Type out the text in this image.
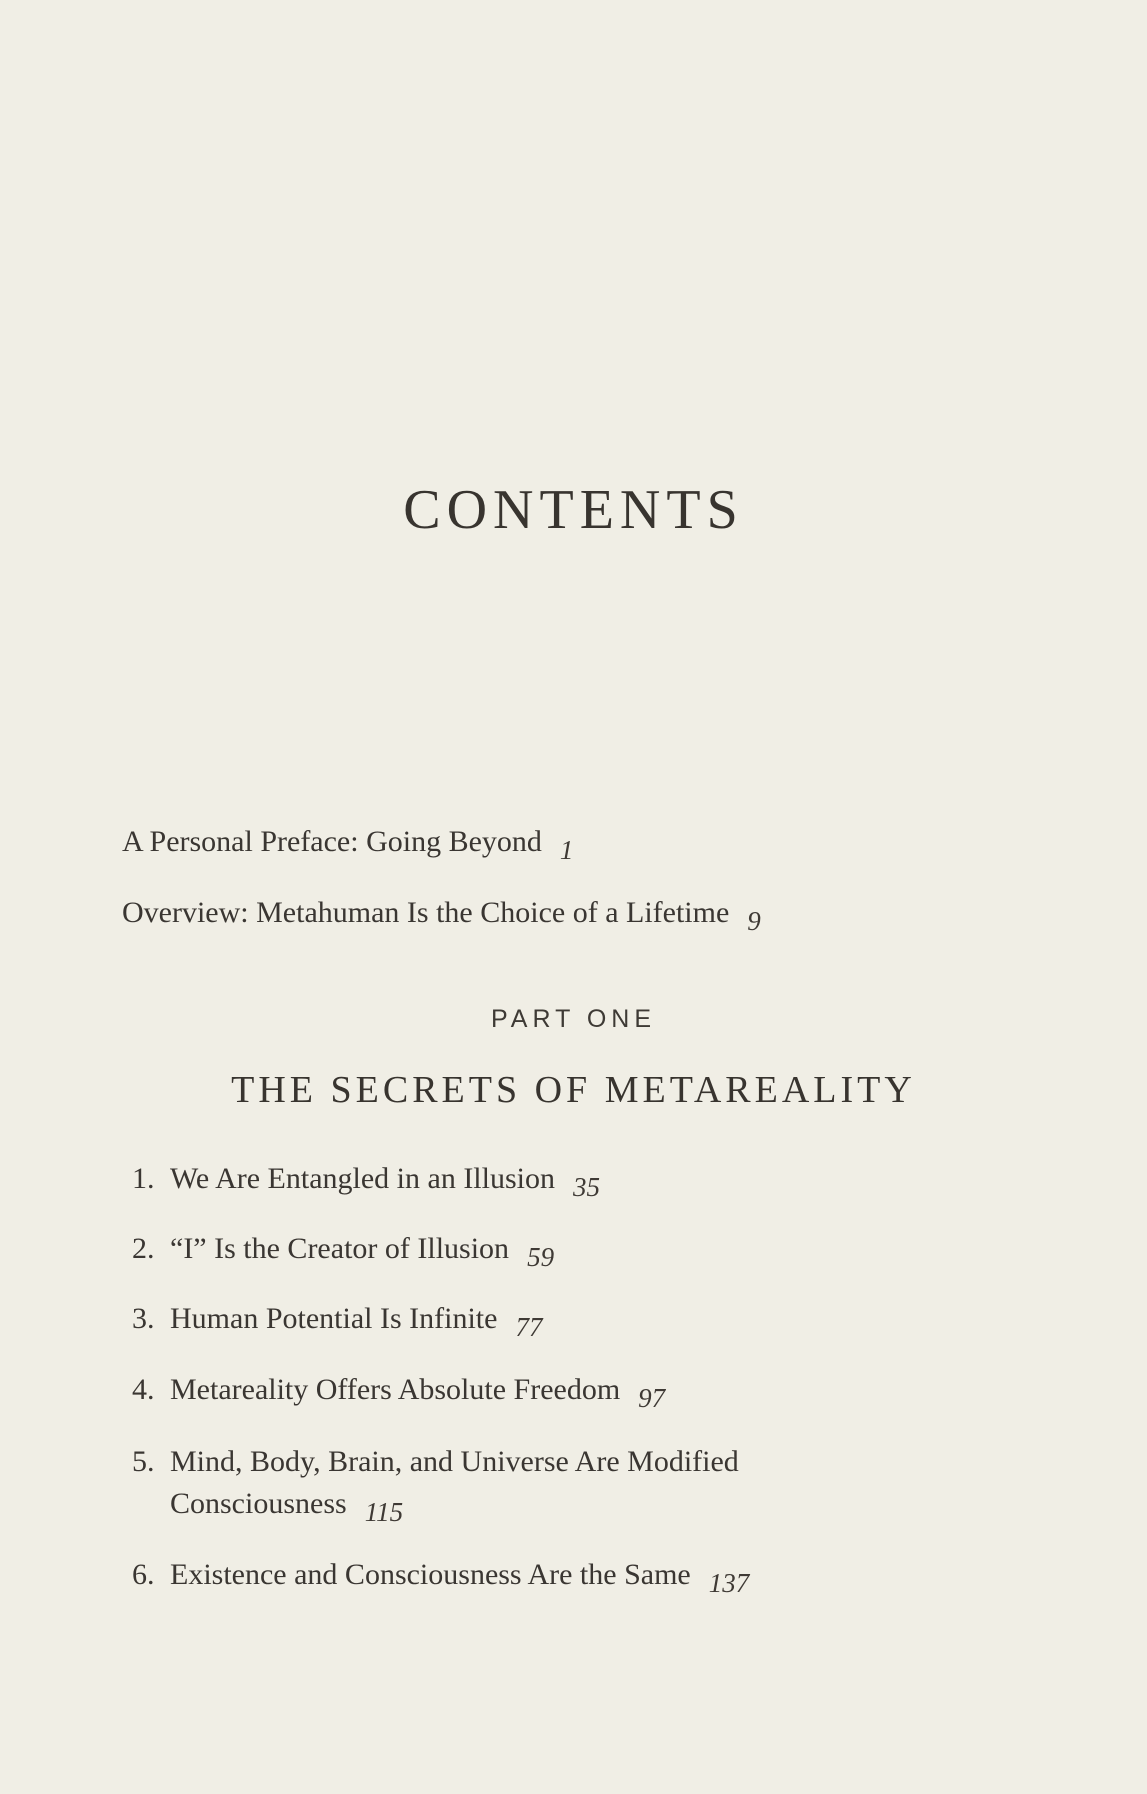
CONTENTS
A Personal Preface: Going Beyond 1
Overview: Metahuman Is the Choice of a Lifetime 9
PART ONE
THE SECRETS OF METAREALITY
1. We Are Entangled in an Illusion 35
2. “I” Is the Creator of Illusion 59
3. Human Potential Is Infinite 77
4. Metareality Offers Absolute Freedom 97
5. Mind, Body, Brain, and Universe Are Modified
Consciousness 115
6. Existence and Consciousness Are the Same 137
